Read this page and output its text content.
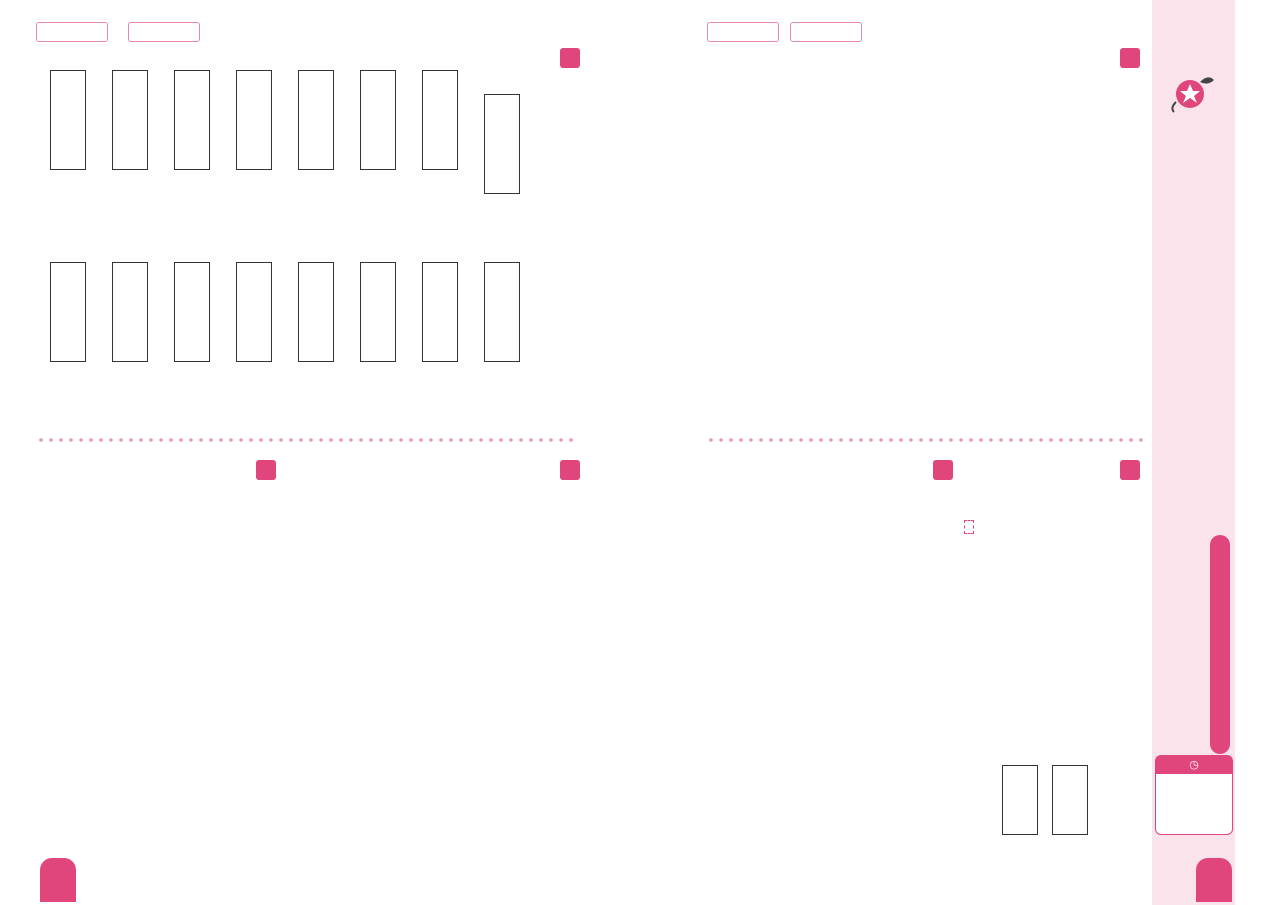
◷
